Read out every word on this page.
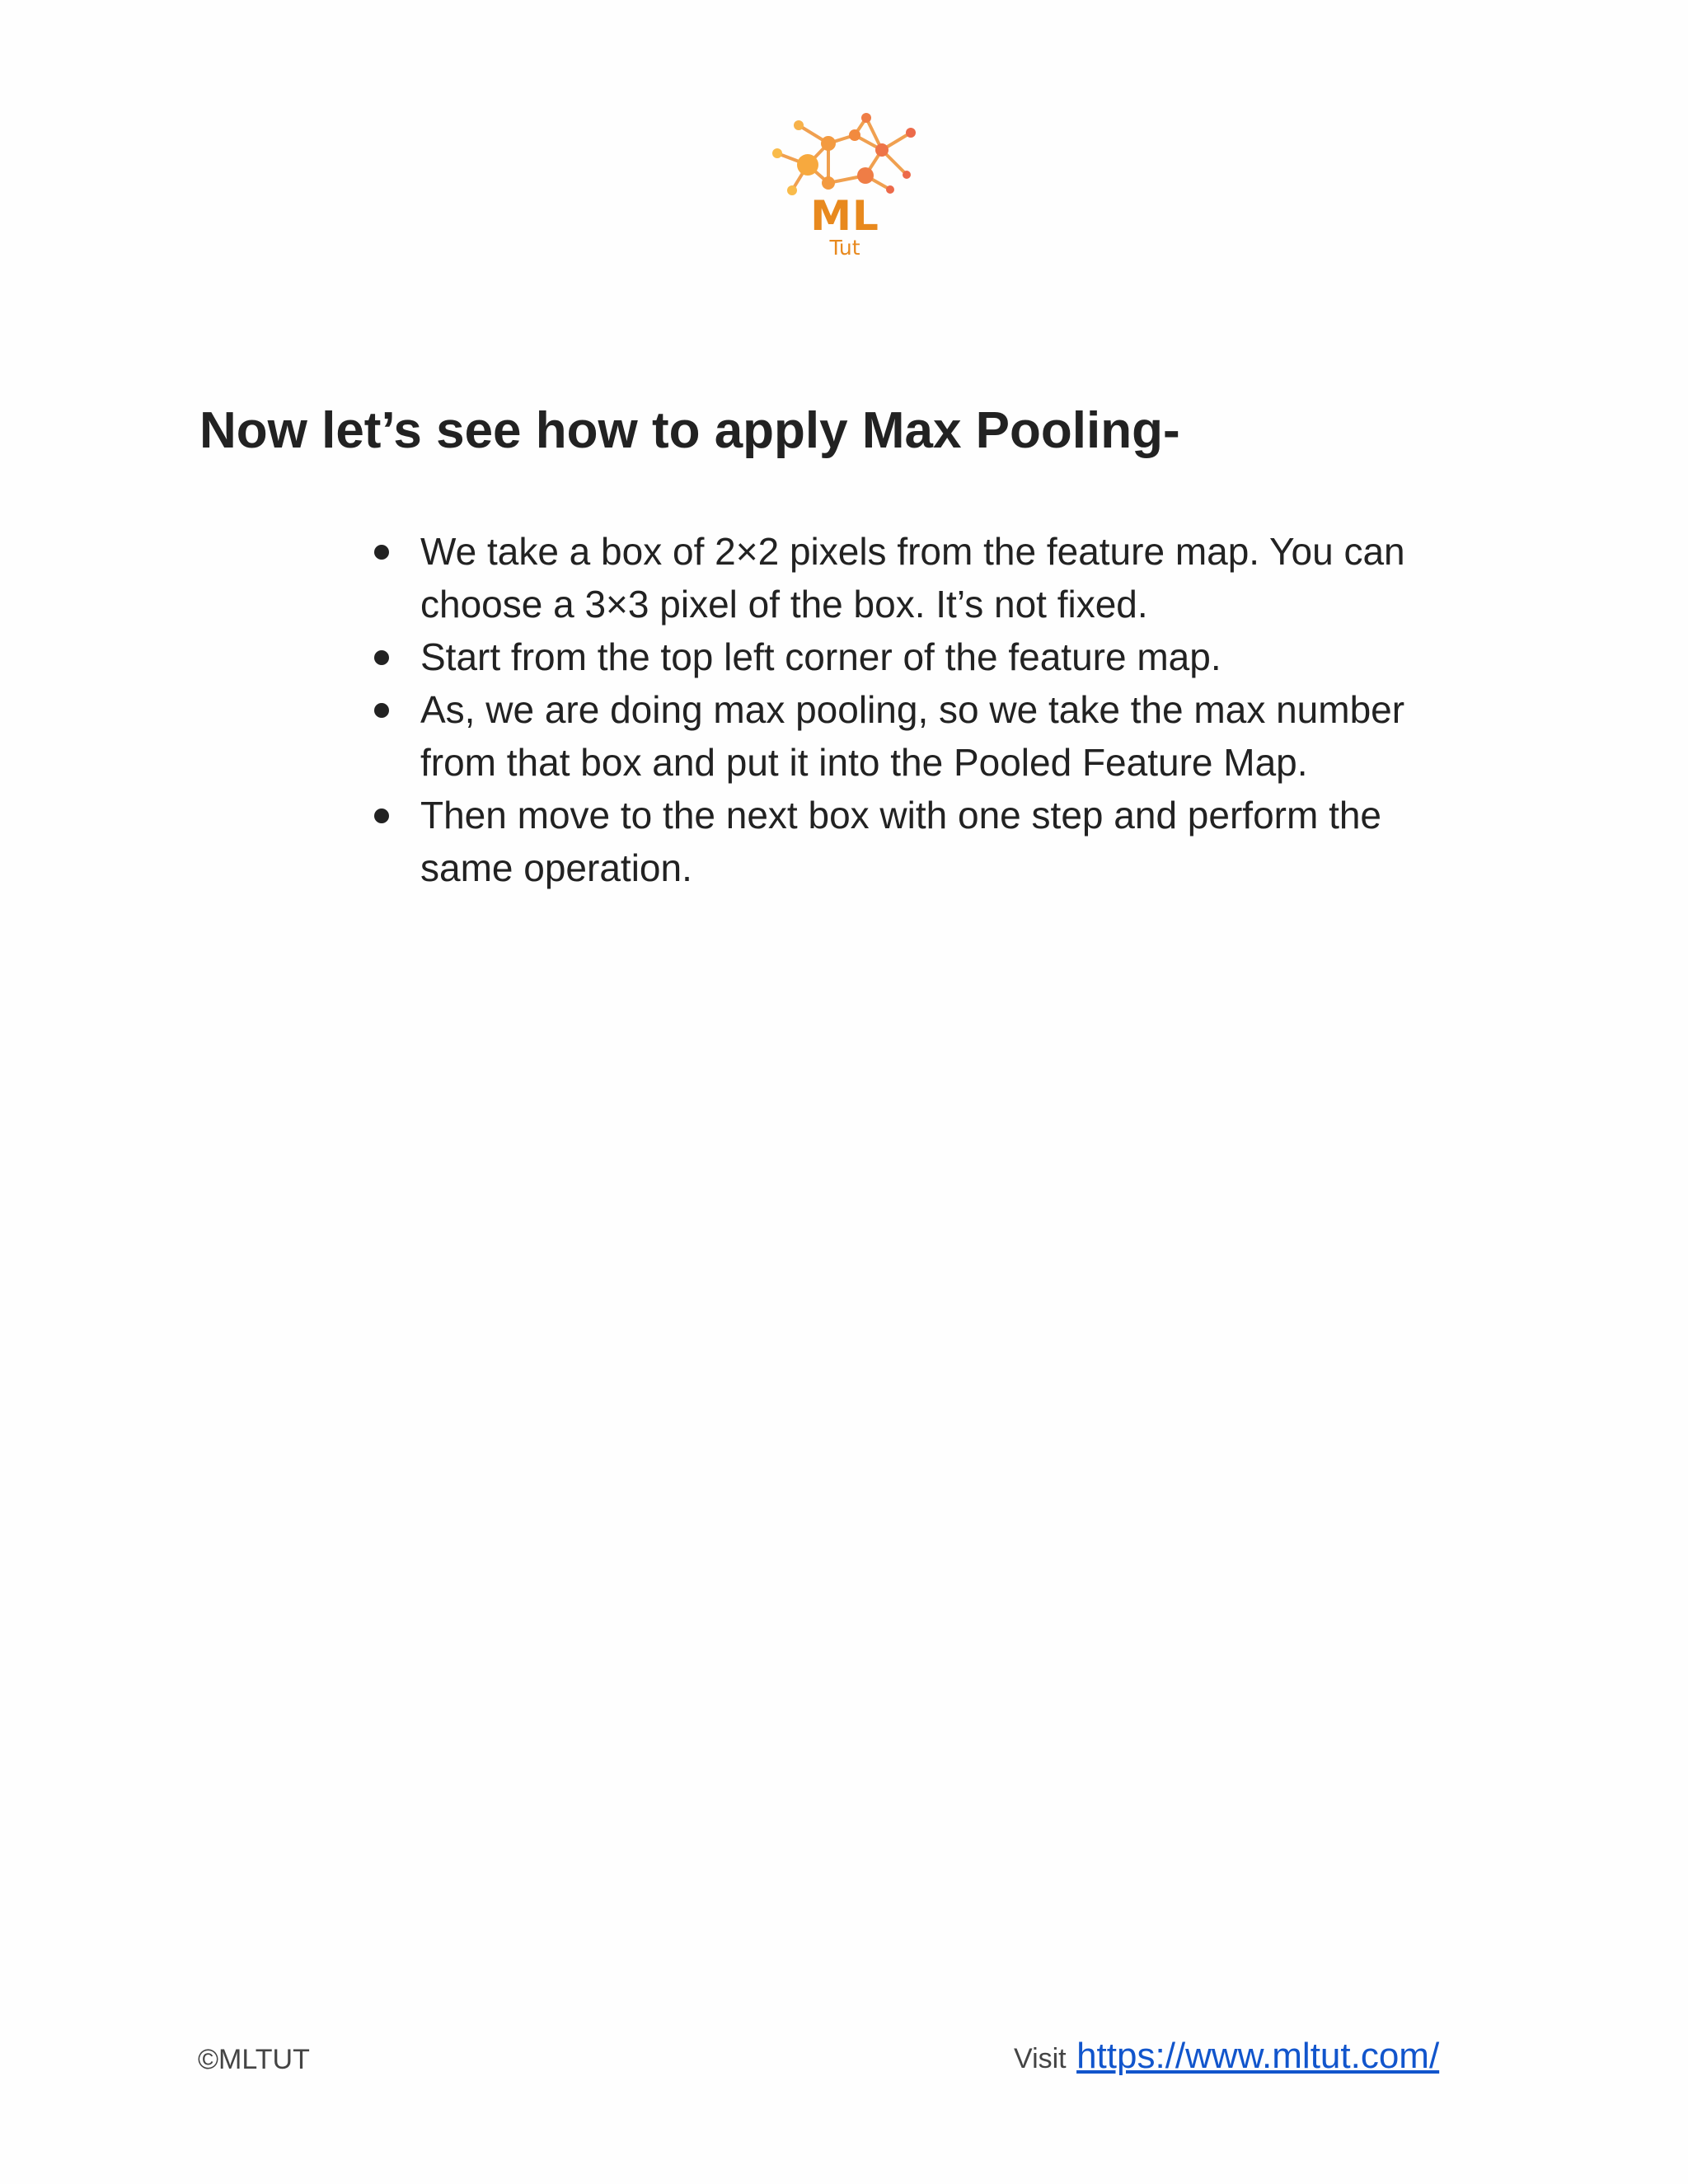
ML
Tut
Now let’s see how to apply Max Pooling-
We take a box of 2×2 pixels from the feature map. You can choose a 3×3 pixel of the box. It’s not fixed.
Start from the top left corner of the feature map.
As, we are doing max pooling, so we take the max number from that box and put it into the Pooled Feature Map.
Then move to the next box with one step and perform the same operation.
©MLTUT	Visit https://www.mltut.com/
